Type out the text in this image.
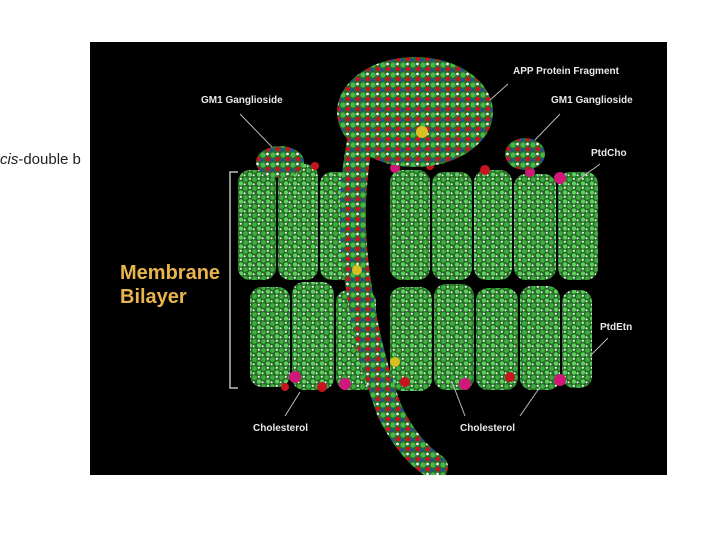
cis-double b
APP Protein Fragment
GM1 Ganglioside	GM1 Ganglioside
PtdCho
PtdEtn
Cholesterol	Cholesterol
Membrane
Bilayer
